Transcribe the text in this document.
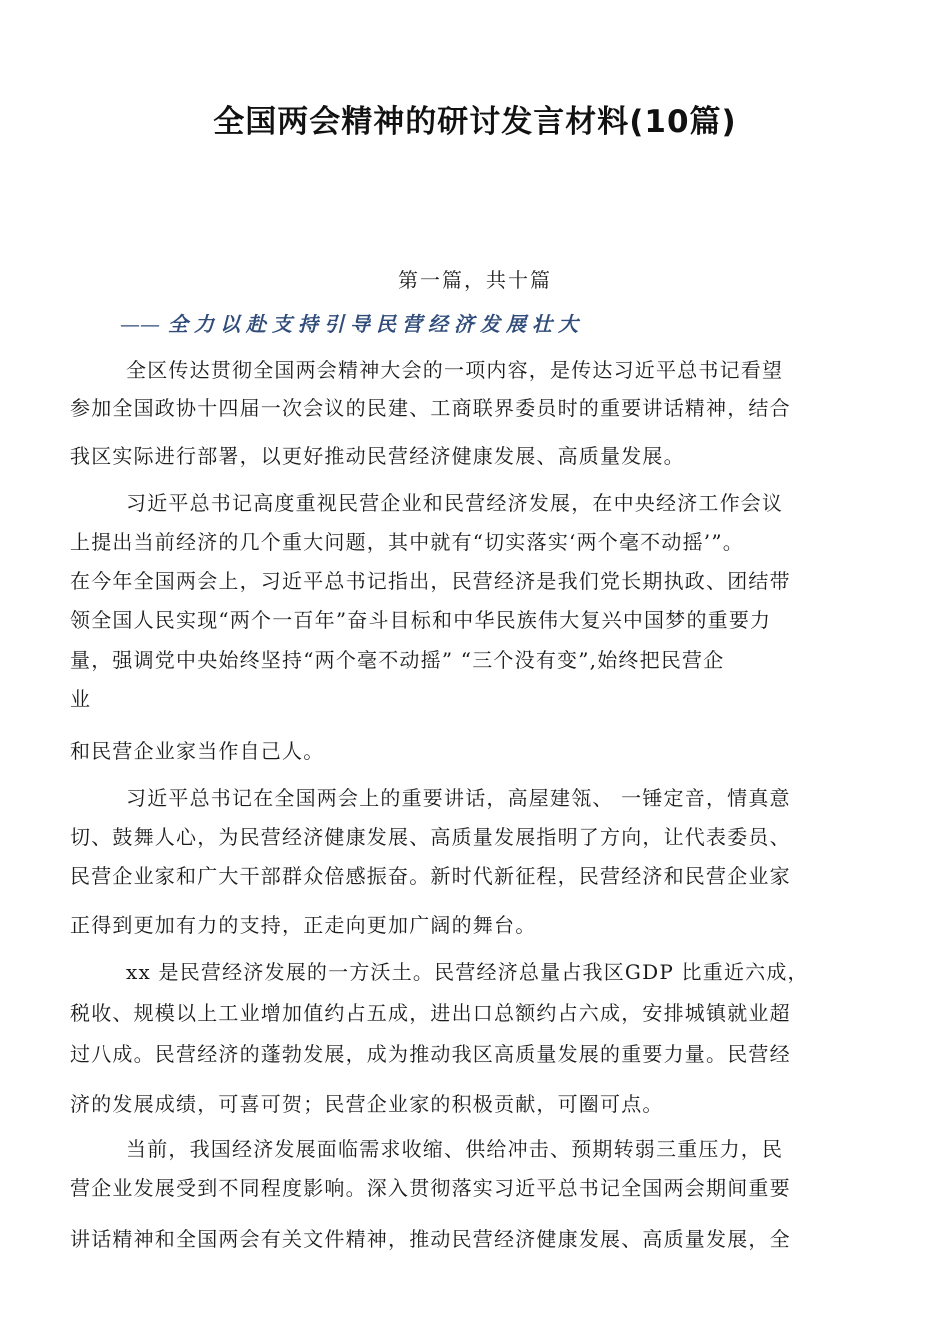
全国两会精神的研讨发言材料(10篇)
第一篇，共十篇
—— 全力以赴支持引导民营经济发展壮大
全区传达贯彻全国两会精神大会的一项内容，是传达习近平总书记看望
参加全国政协十四届一次会议的民建、工商联界委员时的重要讲话精神，结合
我区实际进行部署，以更好推动民营经济健康发展、高质量发展。
习近平总书记高度重视民营企业和民营经济发展，在中央经济工作会议
上提出当前经济的几个重大问题，其中就有“切实落实‘两个毫不动摇’”。
在今年全国两会上，习近平总书记指出，民营经济是我们党长期执政、团结带
领全国人民实现“两个一百年”奋斗目标和中华民族伟大复兴中国梦的重要力
量，强调党中央始终坚持“两个毫不动摇” “三个没有变”,始终把民营企
业
和民营企业家当作自己人。
习近平总书记在全国两会上的重要讲话，高屋建瓴、 一锤定音，情真意
切、鼓舞人心，为民营经济健康发展、高质量发展指明了方向，让代表委员、
民营企业家和广大干部群众倍感振奋。新时代新征程，民营经济和民营企业家
正得到更加有力的支持，正走向更加广阔的舞台。
xx 是民营经济发展的一方沃土。民营经济总量占我区GDP 比重近六成，
税收、规模以上工业增加值约占五成，进出口总额约占六成，安排城镇就业超
过八成。民营经济的蓬勃发展，成为推动我区高质量发展的重要力量。民营经
济的发展成绩，可喜可贺；民营企业家的积极贡献，可圈可点。
当前，我国经济发展面临需求收缩、供给冲击、预期转弱三重压力，民
营企业发展受到不同程度影响。深入贯彻落实习近平总书记全国两会期间重要
讲话精神和全国两会有关文件精神，推动民营经济健康发展、高质量发展，全
